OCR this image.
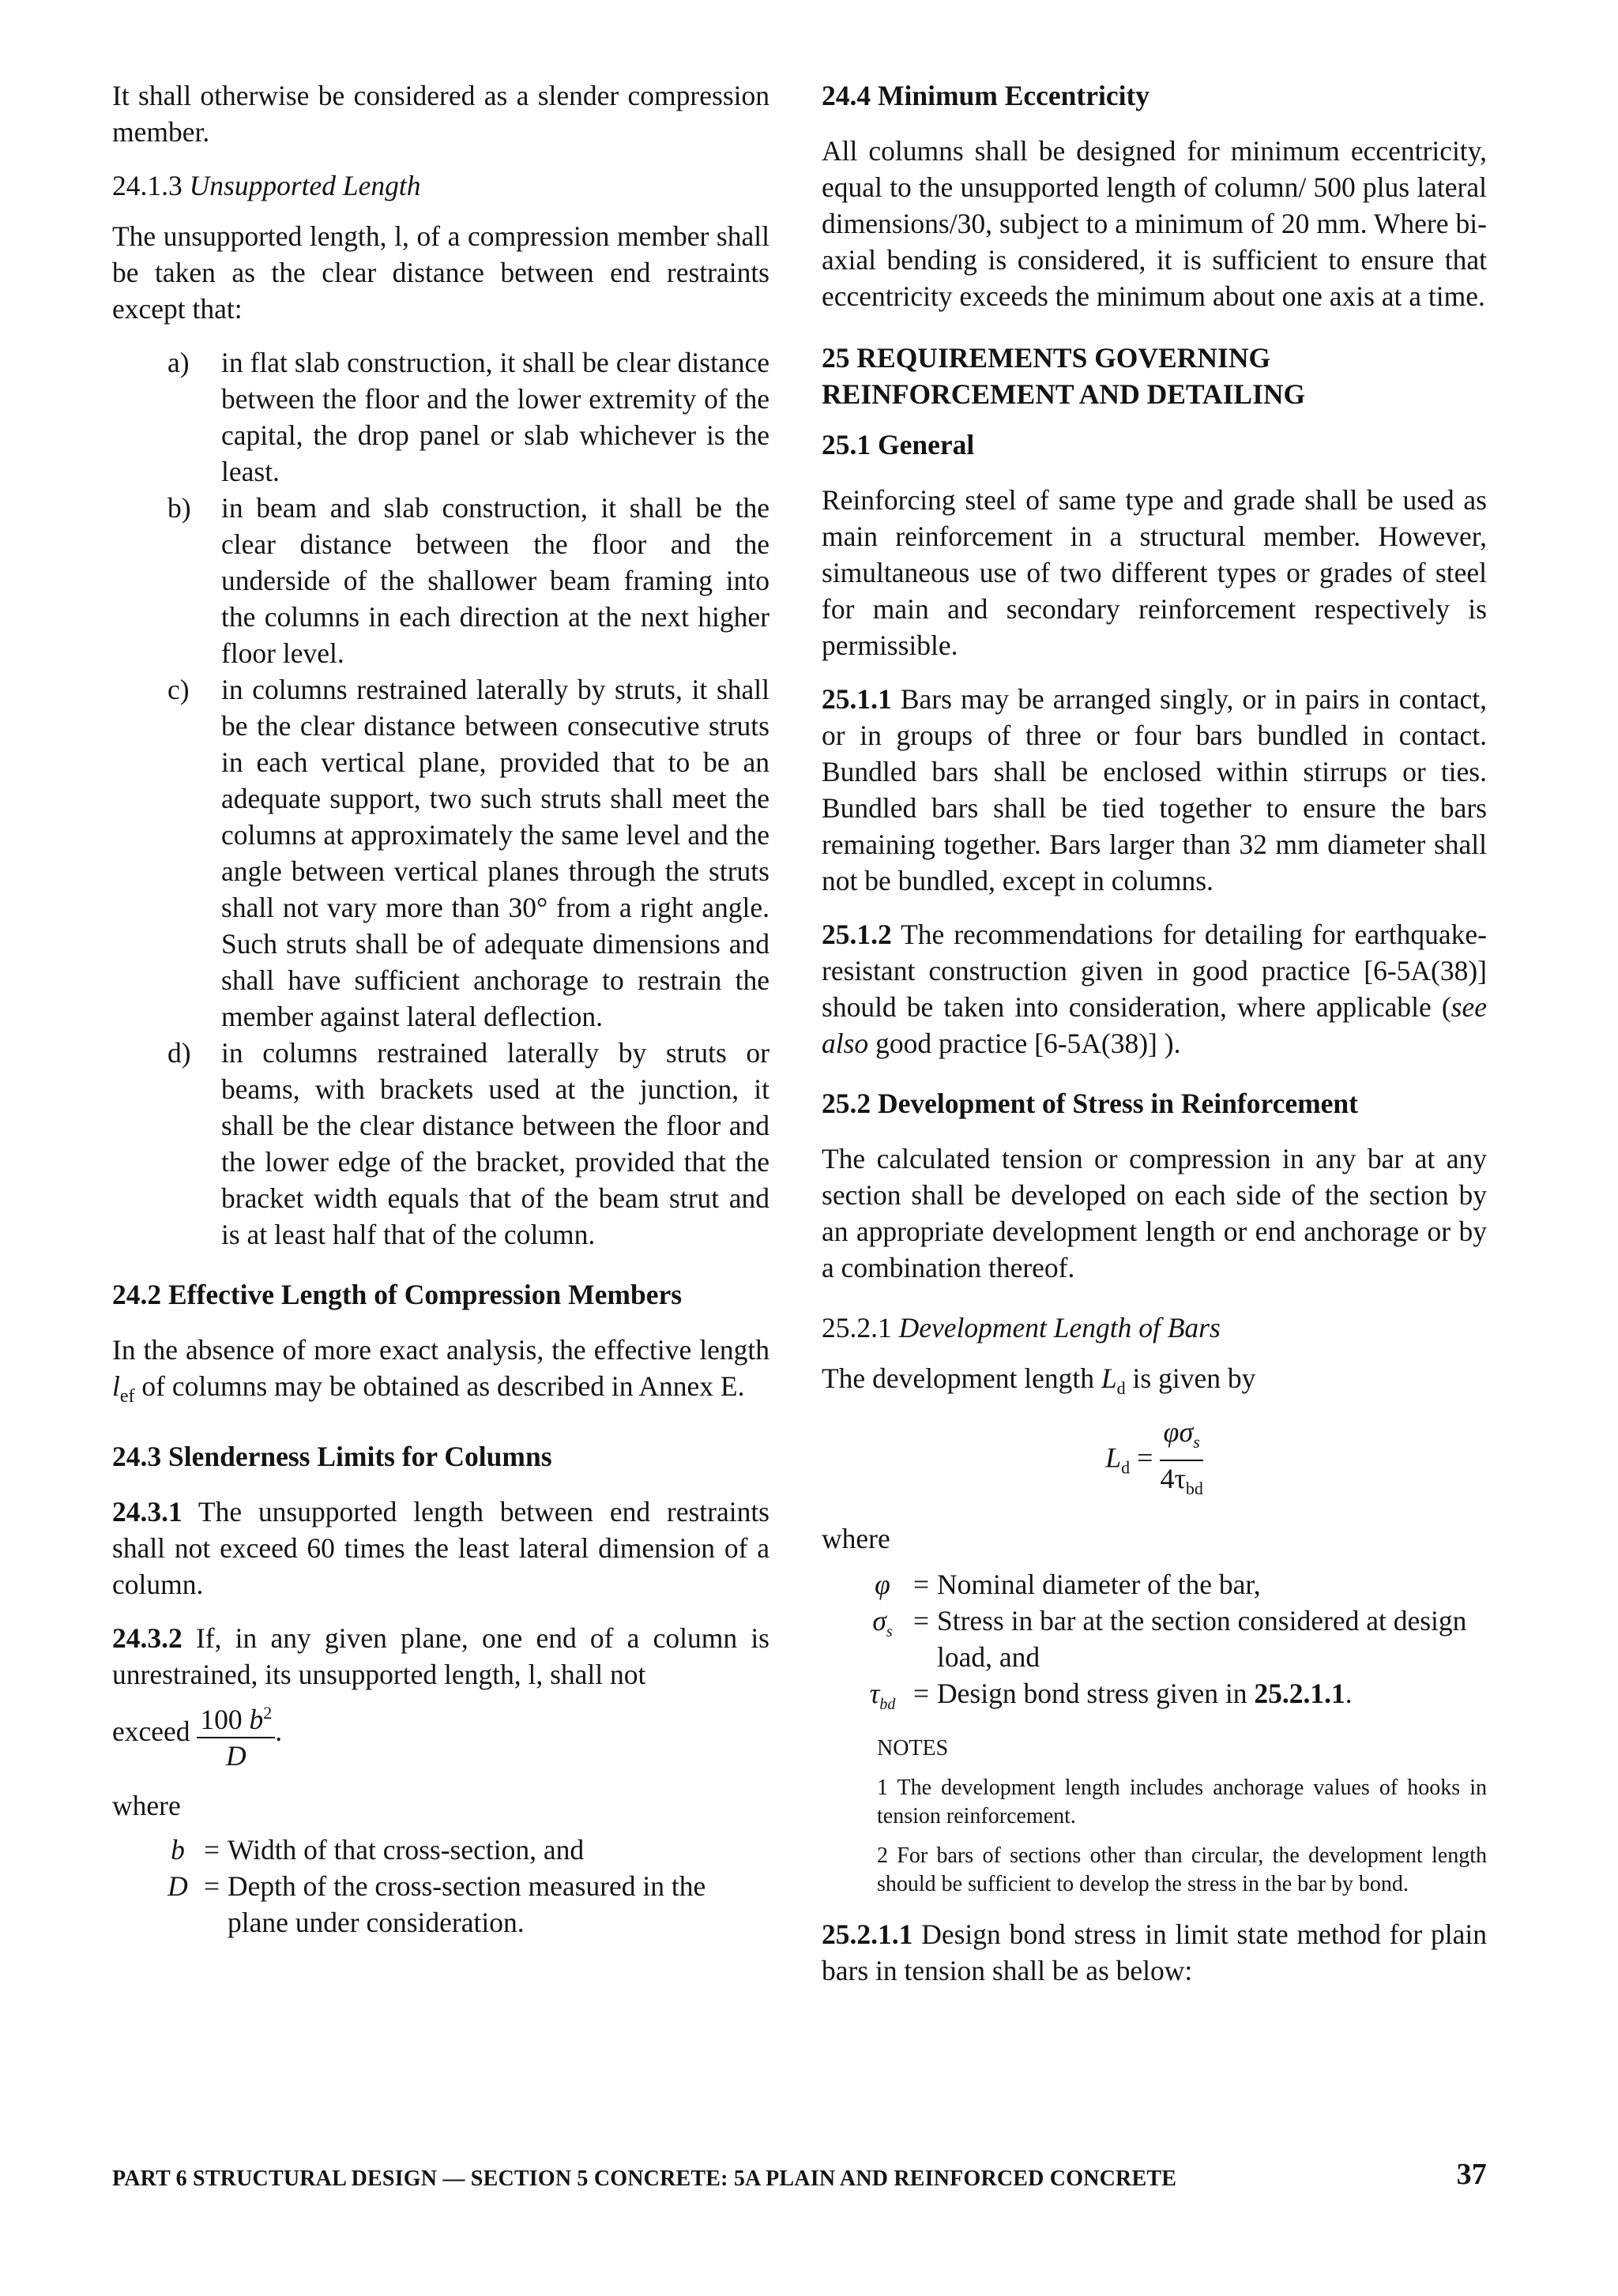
It shall otherwise be considered as a slender compression member.

24.1.3 Unsupported Length

The unsupported length, l, of a compression member shall be taken as the clear distance between end restraints except that:

a) in flat slab construction, it shall be clear distance between the floor and the lower extremity of the capital, the drop panel or slab whichever is the least.
b) in beam and slab construction, it shall be the clear distance between the floor and the underside of the shallower beam framing into the columns in each direction at the next higher floor level.
c) in columns restrained laterally by struts, it shall be the clear distance between consecutive struts in each vertical plane, provided that to be an adequate support, two such struts shall meet the columns at approximately the same level and the angle between vertical planes through the struts shall not vary more than 30° from a right angle. Such struts shall be of adequate dimensions and shall have sufficient anchorage to restrain the member against lateral deflection.
d) in columns restrained laterally by struts or beams, with brackets used at the junction, it shall be the clear distance between the floor and the lower edge of the bracket, provided that the bracket width equals that of the beam strut and is at least half that of the column.

24.2 Effective Length of Compression Members

In the absence of more exact analysis, the effective length $l_{ef}$ of columns may be obtained as described in Annex E.

24.3 Slenderness Limits for Columns

24.3.1 The unsupported length between end restraints shall not exceed 60 times the least lateral dimension of a column.

24.3.2 If, in any given plane, one end of a column is unrestrained, its unsupported length, l, shall not

exceed $\frac{100 b^2}{D}$ .

where

b	=	Width of that cross-section, and
D	=	Depth of the cross-section measured in the plane under consideration.

24.4 Minimum Eccentricity

All columns shall be designed for minimum eccentricity, equal to the unsupported length of column/ 500 plus lateral dimensions/30, subject to a minimum of 20 mm. Where bi-axial bending is considered, it is sufficient to ensure that eccentricity exceeds the minimum about one axis at a time.

25 REQUIREMENTS GOVERNING
REINFORCEMENT AND DETAILING

25.1 General

Reinforcing steel of same type and grade shall be used as main reinforcement in a structural member. However, simultaneous use of two different types or grades of steel for main and secondary reinforcement respectively is permissible.

25.1.1 Bars may be arranged singly, or in pairs in contact, or in groups of three or four bars bundled in contact. Bundled bars shall be enclosed within stirrups or ties. Bundled bars shall be tied together to ensure the bars remaining together. Bars larger than 32 mm diameter shall not be bundled, except in columns.

25.1.2 The recommendations for detailing for earthquake-resistant construction given in good practice [6-5A(38)] should be taken into consideration, where applicable (see also good practice [6-5A(38)] ).

25.2 Development of Stress in Reinforcement

The calculated tension or compression in any bar at any section shall be developed on each side of the section by an appropriate development length or end anchorage or by a combination thereof.

25.2.1 Development Length of Bars

The development length $L_d$ is given by

$L_d = \frac{\varphi\sigma_s}{4\tau_{bd}}$

where

φ	=	Nominal diameter of the bar,
$\sigma_s$	=	Stress in bar at the section considered at design load, and
$\tau_{bd}$	=	Design bond stress given in 25.2.1.1.

NOTES

1 The development length includes anchorage values of hooks in tension reinforcement.

2 For bars of sections other than circular, the development length should be sufficient to develop the stress in the bar by bond.

25.2.1.1 Design bond stress in limit state method for plain bars in tension shall be as below:

PART 6 STRUCTURAL DESIGN — SECTION 5 CONCRETE: 5A PLAIN AND REINFORCED CONCRETE	37
